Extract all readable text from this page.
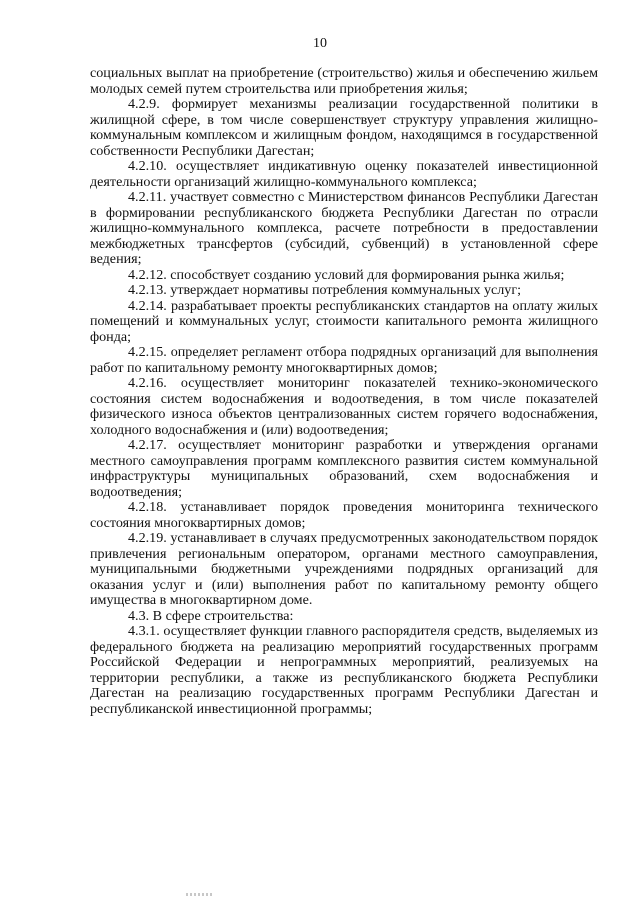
10

социальных выплат на приобретение (строительство) жилья и обеспечению жильем молодых семей путем строительства или приобретения жилья;

4.2.9. формирует механизмы реализации государственной политики в жилищной сфере, в том числе совершенствует структуру управления жилищно-коммунальным комплексом и жилищным фондом, находящимся в государственной собственности Республики Дагестан;

4.2.10. осуществляет индикативную оценку показателей инвестиционной деятельности организаций жилищно-коммунального комплекса;

4.2.11. участвует совместно с Министерством финансов Республики Дагестан в формировании республиканского бюджета Республики Дагестан по отрасли жилищно-коммунального комплекса, расчете потребности в предоставлении межбюджетных трансфертов (субсидий, субвенций) в установленной сфере ведения;

4.2.12. способствует созданию условий для формирования рынка жилья;

4.2.13. утверждает нормативы потребления коммунальных услуг;

4.2.14. разрабатывает проекты республиканских стандартов на оплату жилых помещений и коммунальных услуг, стоимости капитального ремонта жилищного фонда;

4.2.15. определяет регламент отбора подрядных организаций для выполнения работ по капитальному ремонту многоквартирных домов;

4.2.16. осуществляет мониторинг показателей технико-экономического состояния систем водоснабжения и водоотведения, в том числе показателей физического износа объектов централизованных систем горячего водоснабжения, холодного водоснабжения и (или) водоотведения;

4.2.17. осуществляет мониторинг разработки и утверждения органами местного самоуправления программ комплексного развития систем коммунальной инфраструктуры муниципальных образований, схем водоснабжения и водоотведения;

4.2.18. устанавливает порядок проведения мониторинга технического состояния многоквартирных домов;

4.2.19. устанавливает в случаях предусмотренных законодательством порядок привлечения региональным оператором, органами местного самоуправления, муниципальными бюджетными учреждениями подрядных организаций для оказания услуг и (или) выполнения работ по капитальному ремонту общего имущества в многоквартирном доме.

4.3. В сфере строительства:

4.3.1. осуществляет функции главного распорядителя средств, выделяемых из федерального бюджета на реализацию мероприятий государственных программ Российской Федерации и непрограммных мероприятий, реализуемых на территории республики, а также из республиканского бюджета Республики Дагестан на реализацию государственных программ Республики Дагестан и республиканской инвестиционной программы;
